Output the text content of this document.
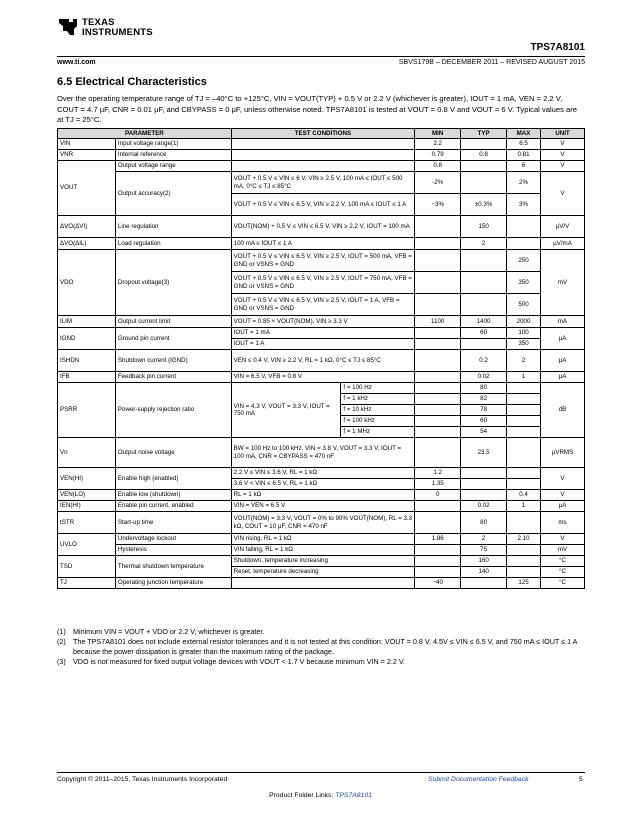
TEXAS
INSTRUMENTS
TPS7A8101
www.ti.com	SBVS179B – DECEMBER 2011 – REVISED AUGUST 2015
6.5 Electrical Characteristics
Over the operating temperature range of TJ = –40°C to +125°C, VIN = VOUT(TYP) + 0.5 V or 2.2 V (whichever is greater), IOUT = 1 mA, VEN = 2.2 V, COUT = 4.7 µF, CNR = 0.01 µF, and CBYPASS = 0 µF, unless otherwise noted. TPS7A8101 is tested at VOUT = 0.8 V and VOUT = 6 V. Typical values are at TJ = 25°C.
PARAMETER		TEST CONDITIONS		MIN	TYP	MAX	UNIT
VIN	Input voltage range(1)			2.2		6.5	V
VNR	Internal reference			0.79	0.8	0.81	V
VOUT	Output voltage range			0.8		6	V
	Output accuracy(2)	VOUT + 0.5 V ≤ VIN ≤ 6 V, VIN ≥ 2.5 V, 100 mA ≤ IOUT ≤ 500 mA, 0°C ≤ TJ ≤ 85°C		-2%		2%	V
		VOUT + 0.5 V ≤ VIN ≤ 6.5 V, VIN ≥ 2.2 V, 100 mA ≤ IOUT ≤ 1 A		−3%	±0.3%	3%	
ΔVO(ΔVI)	Line regulation	VOUT(NOM) + 0.5 V ≤ VIN ≤ 6.5 V, VIN ≥ 2.2 V, IOUT = 100 mA			150		µV/V
ΔVO(ΔIL)	Load regulation	100 mA ≤ IOUT ≤ 1 A			2		µV/mA
VDO	Dropout voltage(3)	VOUT + 0.5 V ≤ VIN ≤ 6.5 V, VIN ≥ 2.5 V, IOUT = 500 mA, VFB = GND or VSNS = GND				250	mV
		VOUT + 0.5 V ≤ VIN ≤ 6.5 V, VIN ≥ 2.5 V, IOUT = 750 mA, VFB = GND or VSNS = GND				350	
		VOUT + 0.5 V ≤ VIN ≤ 6.5 V, VIN ≥ 2.5 V, IOUT = 1 A, VFB = GND or VSNS = GND				500	
ILIM	Output current limit	VOUT = 0.85 × VOUT(NOM), VIN ≥ 3.3 V		1100	1400	2000	mA
IGND	Ground pin current	IOUT = 1 mA			60	100	µA
		IOUT = 1 A				350	
ISHDN	Shutdown current (IGND)	VEN ≤ 0.4 V, VIN ≥ 2.2 V, RL = 1 kΩ, 0°C ≤ TJ ≤ 85°C			0.2	2	µA
IFB	Feedback pin current	VIN = 6.5 V, VFB = 0.8 V			0.02	1	µA
PSRR	Power-supply rejection ratio	VIN = 4.3 V, VOUT = 3.3 V, IOUT = 750 mA	f = 100 Hz		80		dB
			f = 1 kHz		82		
			f = 10 kHz		78		
			f = 100 kHz		60		
			f = 1 MHz		54		
Vn	Output noise voltage	BW = 100 Hz to 100 kHz, VIN = 3.8 V, VOUT = 3.3 V, IOUT = 100 mA, CNR = CBYPASS = 470 nF			23.5		µVRMS
VEN(HI)	Enable high (enabled)	2.2 V ≤ VIN ≤ 3.6 V, RL = 1 kΩ		1.2			V
		3.6 V < VIN ≤ 6.5 V, RL = 1 kΩ		1.35			
VEN(LO)	Enable low (shutdown)	RL = 1 kΩ		0		0.4	V
IEN(HI)	Enable pin current, enabled	VIN = VEN = 6.5 V			0.02	1	µA
tSTR	Start-up time	VOUT(NOM) = 3.3 V, VOUT = 0% to 90% VOUT(NOM), RL = 3.3 kΩ, COUT = 10 µF, CNR = 470 nF			80		ms
UVLO	Undervoltage lockout	VIN rising, RL = 1 kΩ		1.86	2	2.10	V
	Hysteresis	VIN falling, RL = 1 kΩ			75		mV
TSD	Thermal shutdown temperature	Shutdown, temperature increasing			160		°C
		Reset, temperature decreasing			140		°C
TJ	Operating junction temperature			−40		125	°C
(1) Minimum VIN = VOUT + VDO or 2.2 V, whichever is greater.
(2) The TPS7A8101 does not include external resistor tolerances and it is not tested at this condition: VOUT = 0.8 V, 4.5V ≤ VIN ≤ 6.5 V, and 750 mA ≤ IOUT ≤ 1 A because the power dissipation is greater than the maximum rating of the package.
(3) VDO is not measured for fixed output voltage devices with VOUT < 1.7 V because minimum VIN = 2.2 V.
Copyright © 2011–2015, Texas Instruments Incorporated	Submit Documentation Feedback	5
Product Folder Links: TPS7A8101
